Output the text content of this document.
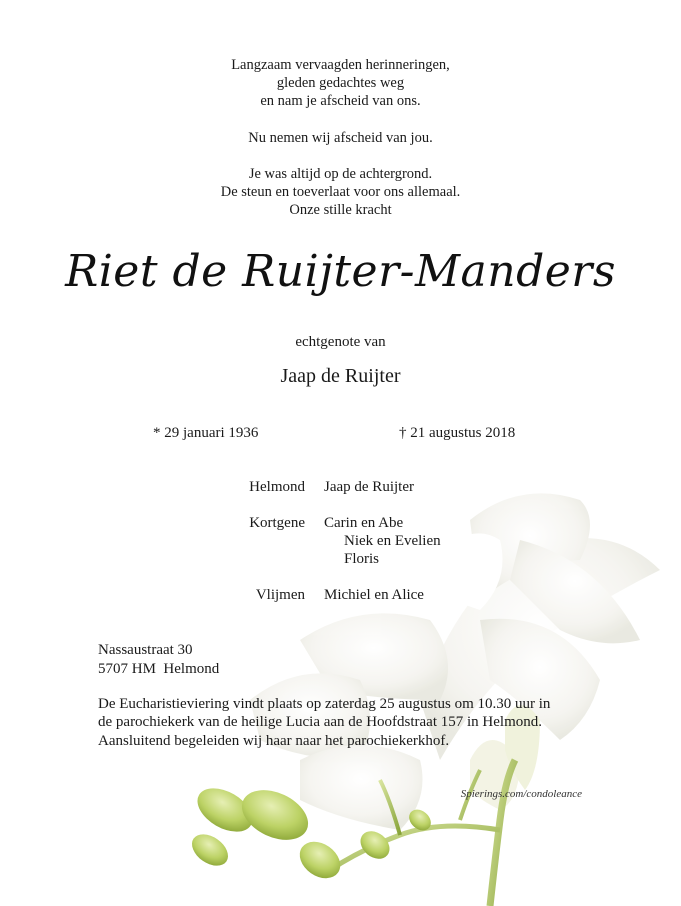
Langzaam vervaagden herinneringen,
gleden gedachtes weg
en nam je afscheid van ons.
Nu nemen wij afscheid van jou.
Je was altijd op de achtergrond.
De steun en toeverlaat voor ons allemaal.
Onze stille kracht
Riet de Ruijter-Manders
echtgenote van
Jaap de Ruijter
* 29 januari 1936	† 21 augustus 2018
Helmond Jaap de Ruijter
Kortgene Carin en Abe
Niek en Evelien
Floris
Vlijmen Michiel en Alice
Nassaustraat 30
5707 HM  Helmond
De Eucharistieviering vindt plaats op zaterdag 25 augustus om 10.30 uur in de parochiekerk van de heilige Lucia aan de Hoofdstraat 157 in Helmond. Aansluitend begeleiden wij haar naar het parochiekerkhof.
Spierings.com/condoleance
